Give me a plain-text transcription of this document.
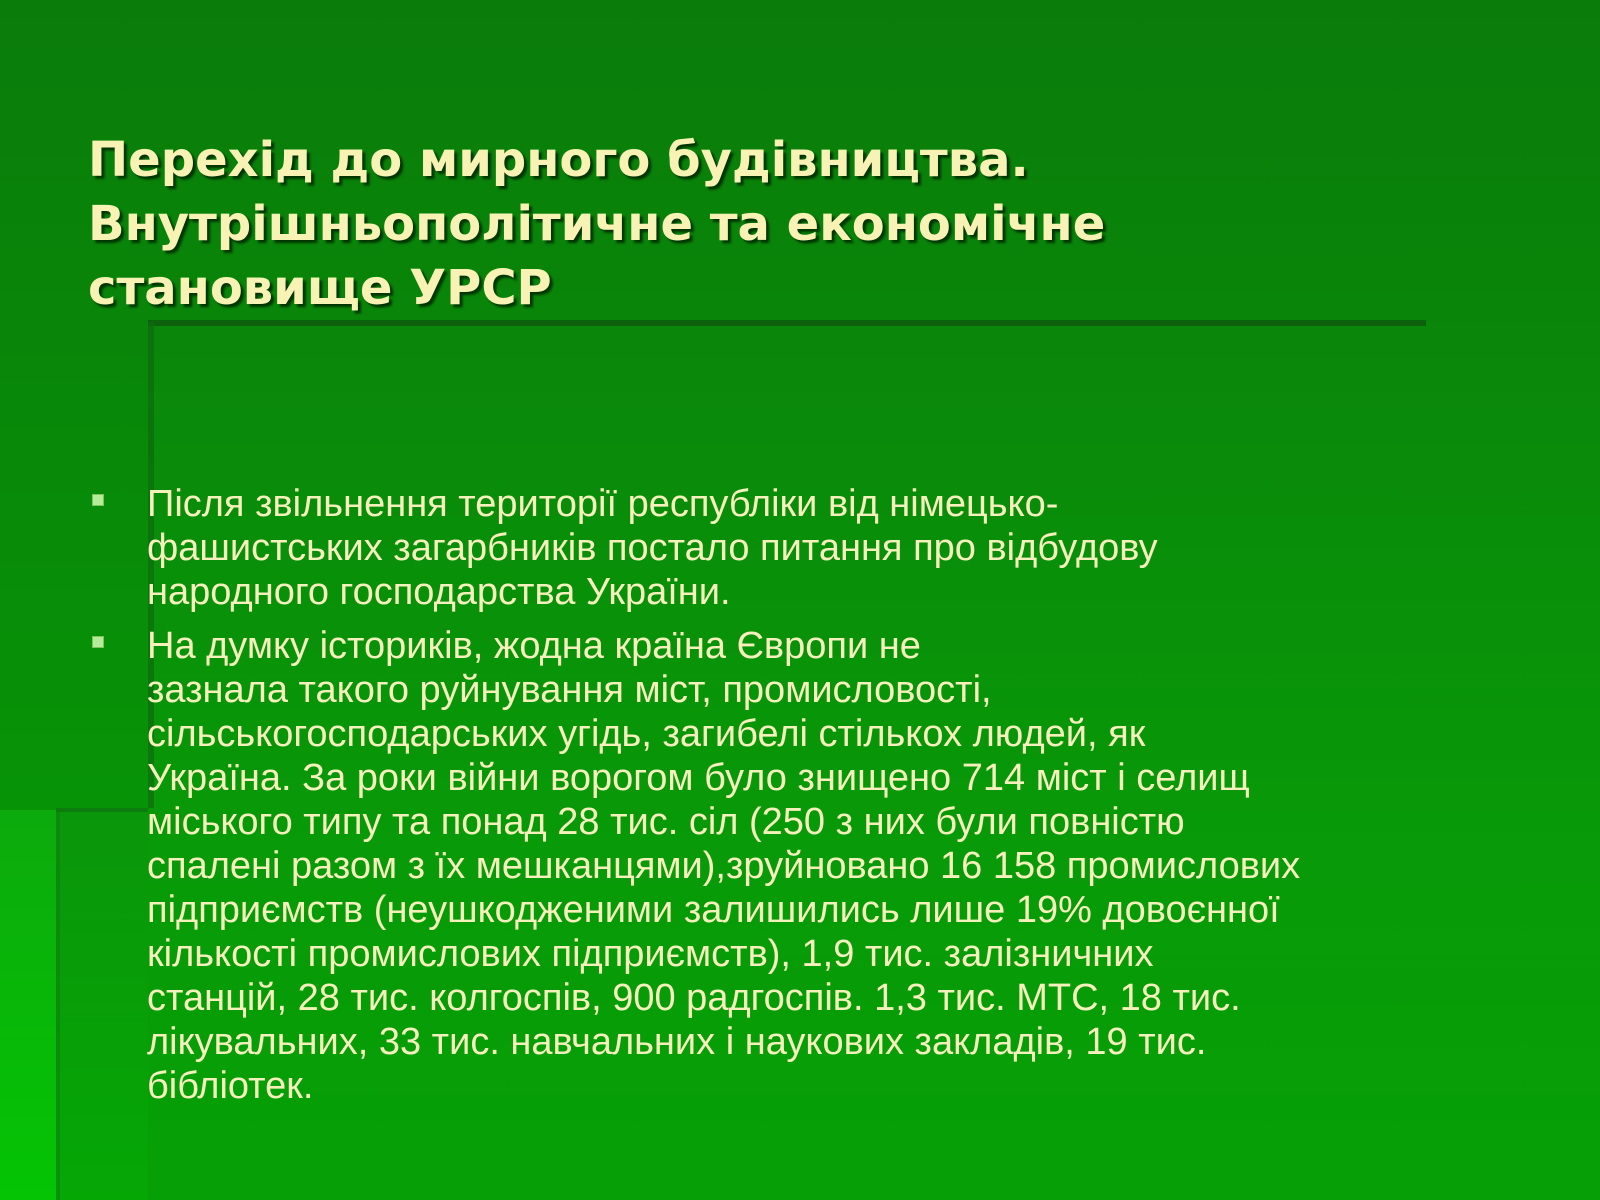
Перехід до мирного будівництва.
Внутрішньополітичне та економічне
становище УРСР
Після звільнення території республіки від німецько-
фашистських загарбників постало питання про відбудову
народного господарства України.
На думку істориків, жодна країна Європи не
зазнала такого руйнування міст, промисловості,
сільськогосподарських угідь, загибелі стількох людей, як
Україна. За роки війни ворогом було знищено 714 міст і селищ
міського типу та понад 28 тис. сіл (250 з них були повністю
спалені разом з їх мешканцями),зруйновано 16 158 промислових
підприємств (неушкодженими залишились лише 19% довоєнної
кількості промислових підприємств), 1,9 тис. залізничних
станцій, 28 тис. колгоспів, 900 радгоспів. 1,3 тис. МТС, 18 тис.
лікувальних, 33 тис. навчальних і наукових закладів, 19 тис.
бібліотек.
